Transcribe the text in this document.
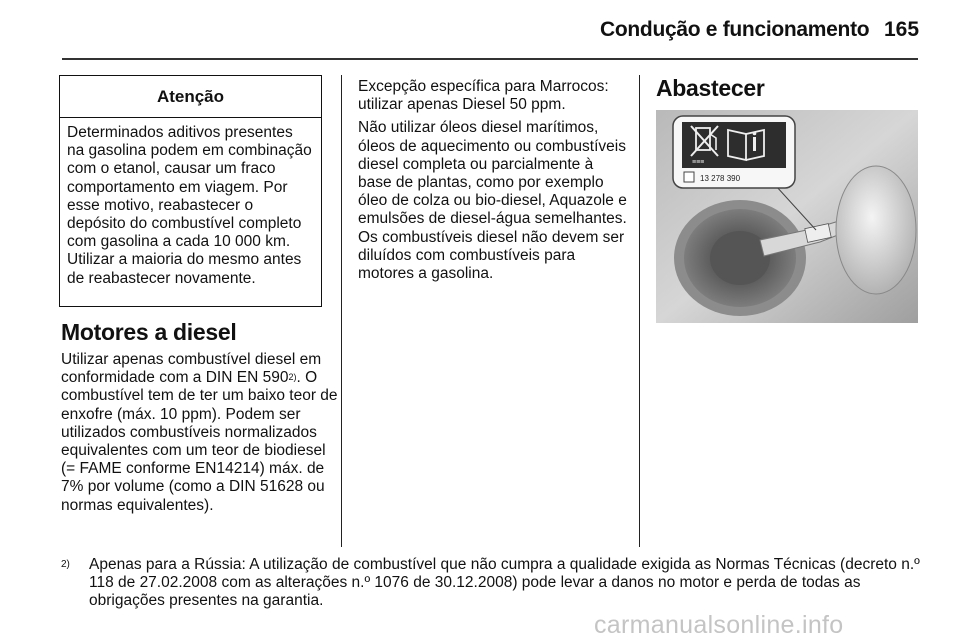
Condução e funcionamento 165
Atenção
Determinados aditivos presentes na gasolina podem em combinação com o etanol, causar um fraco comportamento em viagem. Por esse motivo, reabastecer o depósito do combustível completo com gasolina a cada 10 000 km. Utilizar a maioria do mesmo antes de reabastecer novamente.
Motores a diesel
Utilizar apenas combustível diesel em conformidade com a DIN EN 590$^{2)}$. O combustível tem de ter um baixo teor de enxofre (máx. 10 ppm). Podem ser utilizados combustíveis normalizados equivalentes com um teor de biodiesel (= FAME conforme EN14214) máx. de 7% por volume (como a DIN 51628 ou normas equivalentes).

Excepção específica para Marrocos: utilizar apenas Diesel 50 ppm.

Não utilizar óleos diesel marítimos, óleos de aquecimento ou combustíveis diesel completa ou parcialmente à base de plantas, como por exemplo óleo de colza ou bio-diesel, Aquazole e emulsões de diesel-água semelhantes. Os combustíveis diesel não devem ser diluídos com combustíveis para motores a gasolina.

Abastecer
≡≡≡
13 278 390
2) Apenas para a Rússia: A utilização de combustível que não cumpra a qualidade exigida as Normas Técnicas (decreto n.º 118 de 27.02.2008 com as alterações n.º 1076 de 30.12.2008) pode levar a danos no motor e perda de todas as obrigações presentes na garantia.
carmanualsonline.info
